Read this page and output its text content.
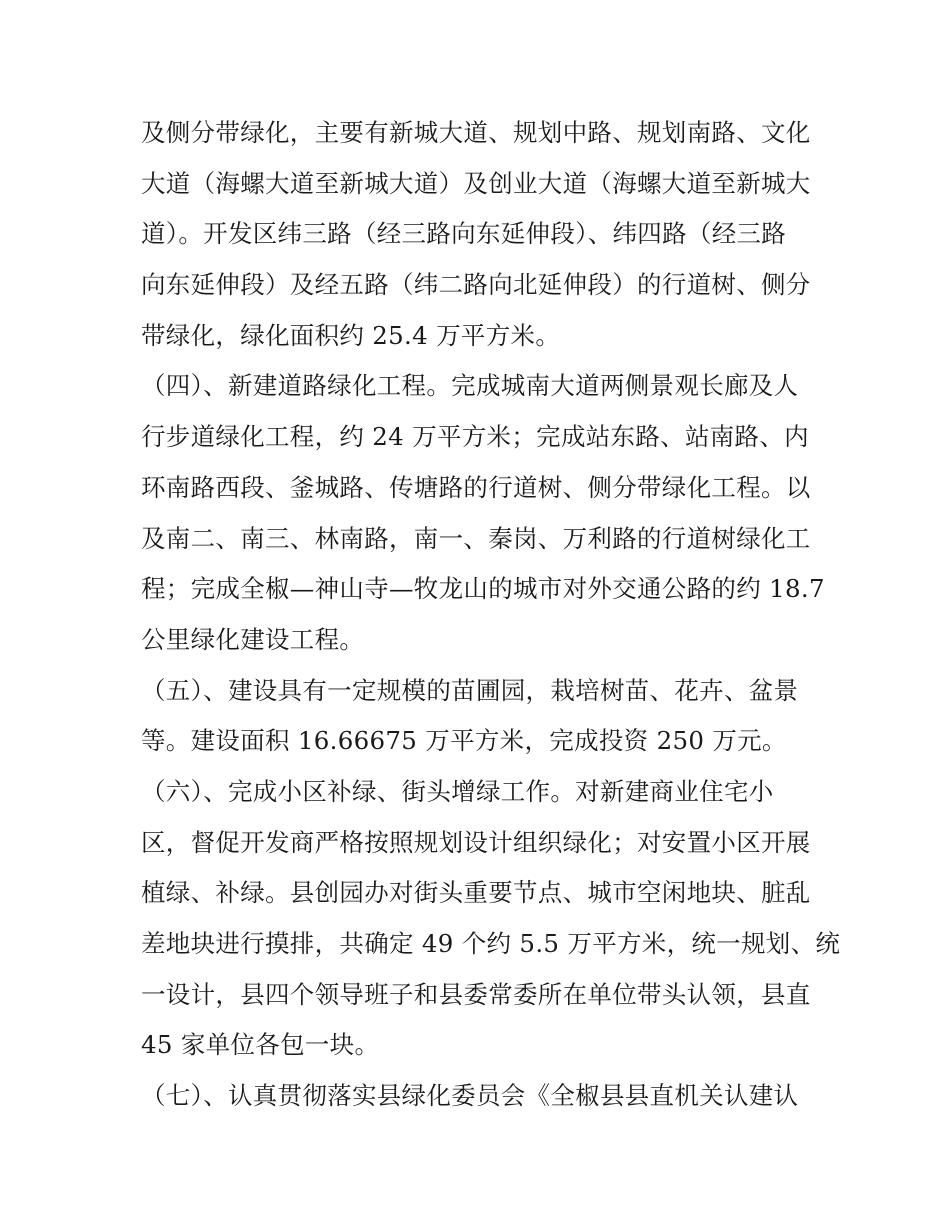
及侧分带绿化，主要有新城大道、规划中路、规划南路、文化
大道（海螺大道至新城大道）及创业大道（海螺大道至新城大
道）。开发区纬三路（经三路向东延伸段）、纬四路（经三路
向东延伸段）及经五路（纬二路向北延伸段）的行道树、侧分
带绿化，绿化面积约 25.4 万平方米。
（四）、新建道路绿化工程。完成城南大道两侧景观长廊及人
行步道绿化工程，约 24 万平方米；完成站东路、站南路、内
环南路西段、釜城路、传塘路的行道树、侧分带绿化工程。以
及南二、南三、林南路，南一、秦岗、万利路的行道树绿化工
程；完成全椒—神山寺—牧龙山的城市对外交通公路的约 18.7
公里绿化建设工程。
（五）、建设具有一定规模的苗圃园，栽培树苗、花卉、盆景
等。建设面积 16.66675 万平方米，完成投资 250 万元。
（六）、完成小区补绿、街头增绿工作。对新建商业住宅小
区，督促开发商严格按照规划设计组织绿化；对安置小区开展
植绿、补绿。县创园办对街头重要节点、城市空闲地块、脏乱
差地块进行摸排，共确定 49 个约 5.5 万平方米，统一规划、统
一设计，县四个领导班子和县委常委所在单位带头认领，县直
45 家单位各包一块。
（七）、认真贯彻落实县绿化委员会《全椒县县直机关认建认
